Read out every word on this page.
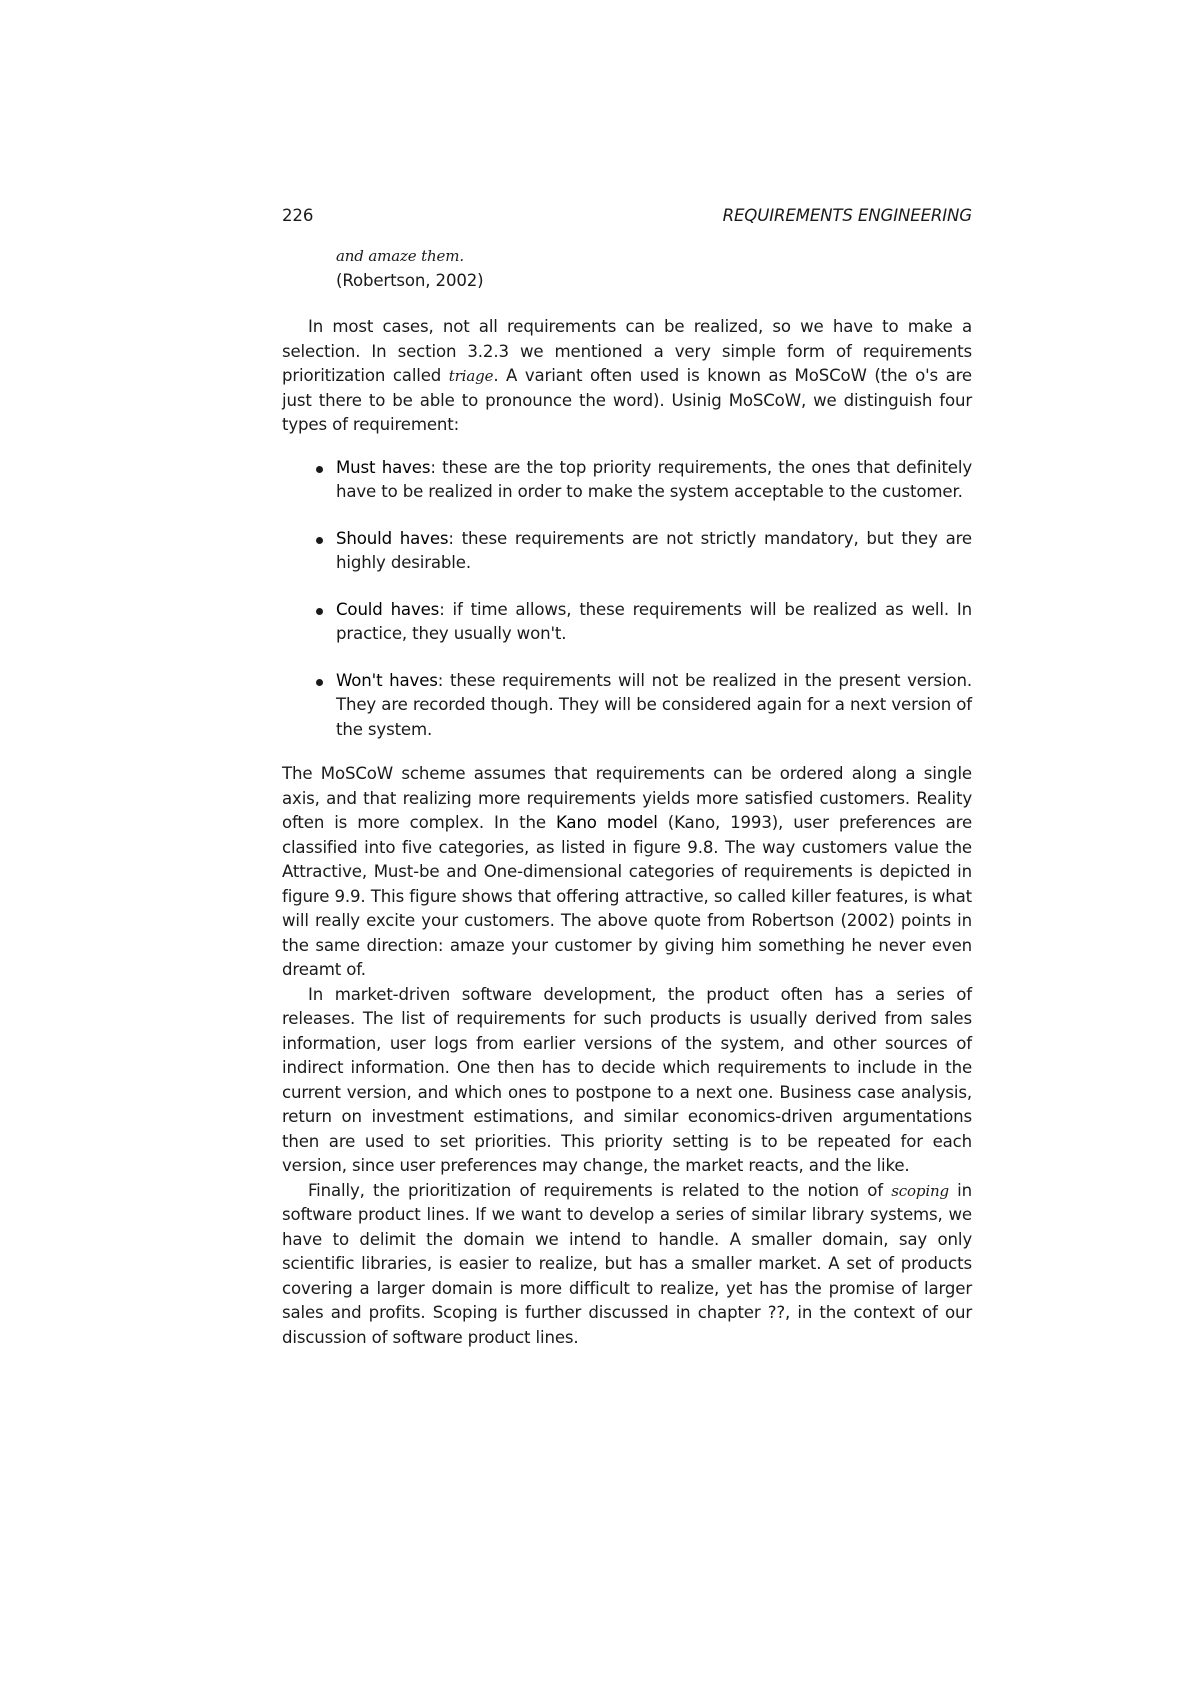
226	REQUIREMENTS ENGINEERING
and amaze them.
(Robertson, 2002)

In most cases, not all requirements can be realized, so we have to make a selection. In section 3.2.3 we mentioned a very simple form of requirements prioritization called triage. A variant often used is known as MoSCoW (the o's are just there to be able to pronounce the word). Usinig MoSCoW, we distinguish four types of requirement:

Must haves: these are the top priority requirements, the ones that definitely have to be realized in order to make the system acceptable to the customer.
Should haves: these requirements are not strictly mandatory, but they are highly desirable.
Could haves: if time allows, these requirements will be realized as well. In practice, they usually won't.
Won't haves: these requirements will not be realized in the present version. They are recorded though. They will be considered again for a next version of the system.

The MoSCoW scheme assumes that requirements can be ordered along a single axis, and that realizing more requirements yields more satisfied customers. Reality often is more complex. In the Kano model (Kano, 1993), user preferences are classified into five categories, as listed in figure 9.8. The way customers value the Attractive, Must-be and One-dimensional categories of requirements is depicted in figure 9.9. This figure shows that offering attractive, so called killer features, is what will really excite your customers. The above quote from Robertson (2002) points in the same direction: amaze your customer by giving him something he never even dreamt of.

In market-driven software development, the product often has a series of releases. The list of requirements for such products is usually derived from sales information, user logs from earlier versions of the system, and other sources of indirect information. One then has to decide which requirements to include in the current version, and which ones to postpone to a next one. Business case analysis, return on investment estimations, and similar economics-driven argumentations then are used to set priorities. This priority setting is to be repeated for each version, since user preferences may change, the market reacts, and the like.

Finally, the prioritization of requirements is related to the notion of scoping in software product lines. If we want to develop a series of similar library systems, we have to delimit the domain we intend to handle. A smaller domain, say only scientific libraries, is easier to realize, but has a smaller market. A set of products covering a larger domain is more difficult to realize, yet has the promise of larger sales and profits. Scoping is further discussed in chapter ??, in the context of our discussion of software product lines.
